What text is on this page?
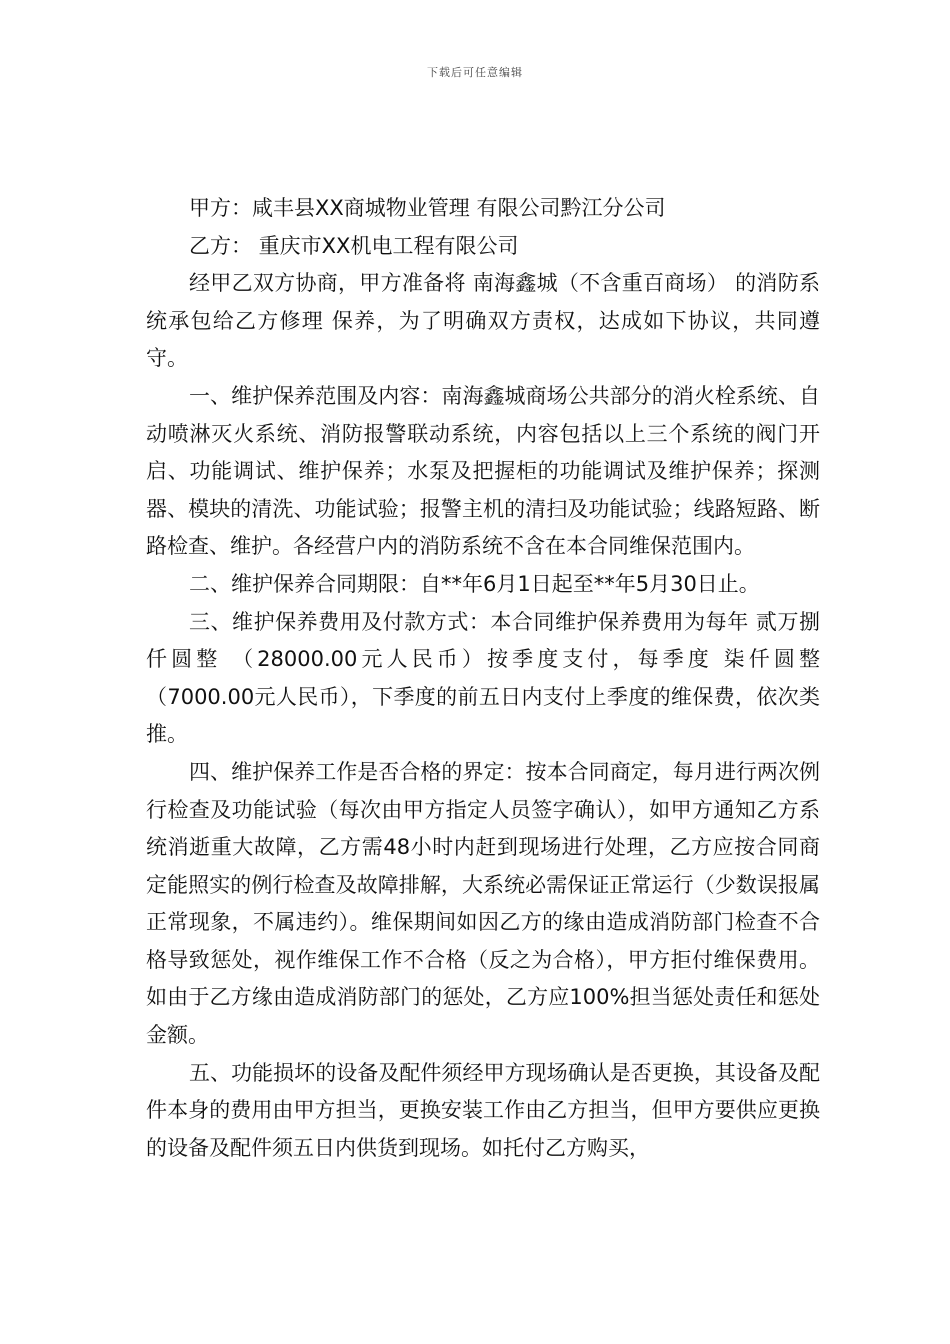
下载后可任意编辑

甲方：咸丰县XX商城物业管理 有限公司黔江分公司

乙方： 重庆市XX机电工程有限公司

经甲乙双方协商，甲方准备将 南海鑫城（不含重百商场） 的消防系统承包给乙方修理 保养，为了明确双方责权，达成如下协议，共同遵守。

一、维护保养范围及内容：南海鑫城商场公共部分的消火栓系统、自动喷淋灭火系统、消防报警联动系统，内容包括以上三个系统的阀门开启、功能调试、维护保养；水泵及把握柜的功能调试及维护保养；探测器、模块的清洗、功能试验；报警主机的清扫及功能试验；线路短路、断路检查、维护。各经营户内的消防系统不含在本合同维保范围内。

二、维护保养合同期限：自**年6月1日起至**年5月30日止。

三、维护保养费用及付款方式：本合同维护保养费用为每年 贰万捌仟圆整 （28000.00元人民币）按季度支付，每季度 柒仟圆整（7000.00元人民币），下季度的前五日内支付上季度的维保费，依次类推。

四、维护保养工作是否合格的界定：按本合同商定，每月进行两次例行检查及功能试验（每次由甲方指定人员签字确认），如甲方通知乙方系统消逝重大故障，乙方需48小时内赶到现场进行处理，乙方应按合同商定能照实的例行检查及故障排解，大系统必需保证正常运行（少数误报属正常现象，不属违约）。维保期间如因乙方的缘由造成消防部门检查不合格导致惩处，视作维保工作不合格（反之为合格），甲方拒付维保费用。如由于乙方缘由造成消防部门的惩处，乙方应100%担当惩处责任和惩处金额。

五、功能损坏的设备及配件须经甲方现场确认是否更换，其设备及配件本身的费用由甲方担当，更换安装工作由乙方担当，但甲方要供应更换的设备及配件须五日内供货到现场。如托付乙方购买，
